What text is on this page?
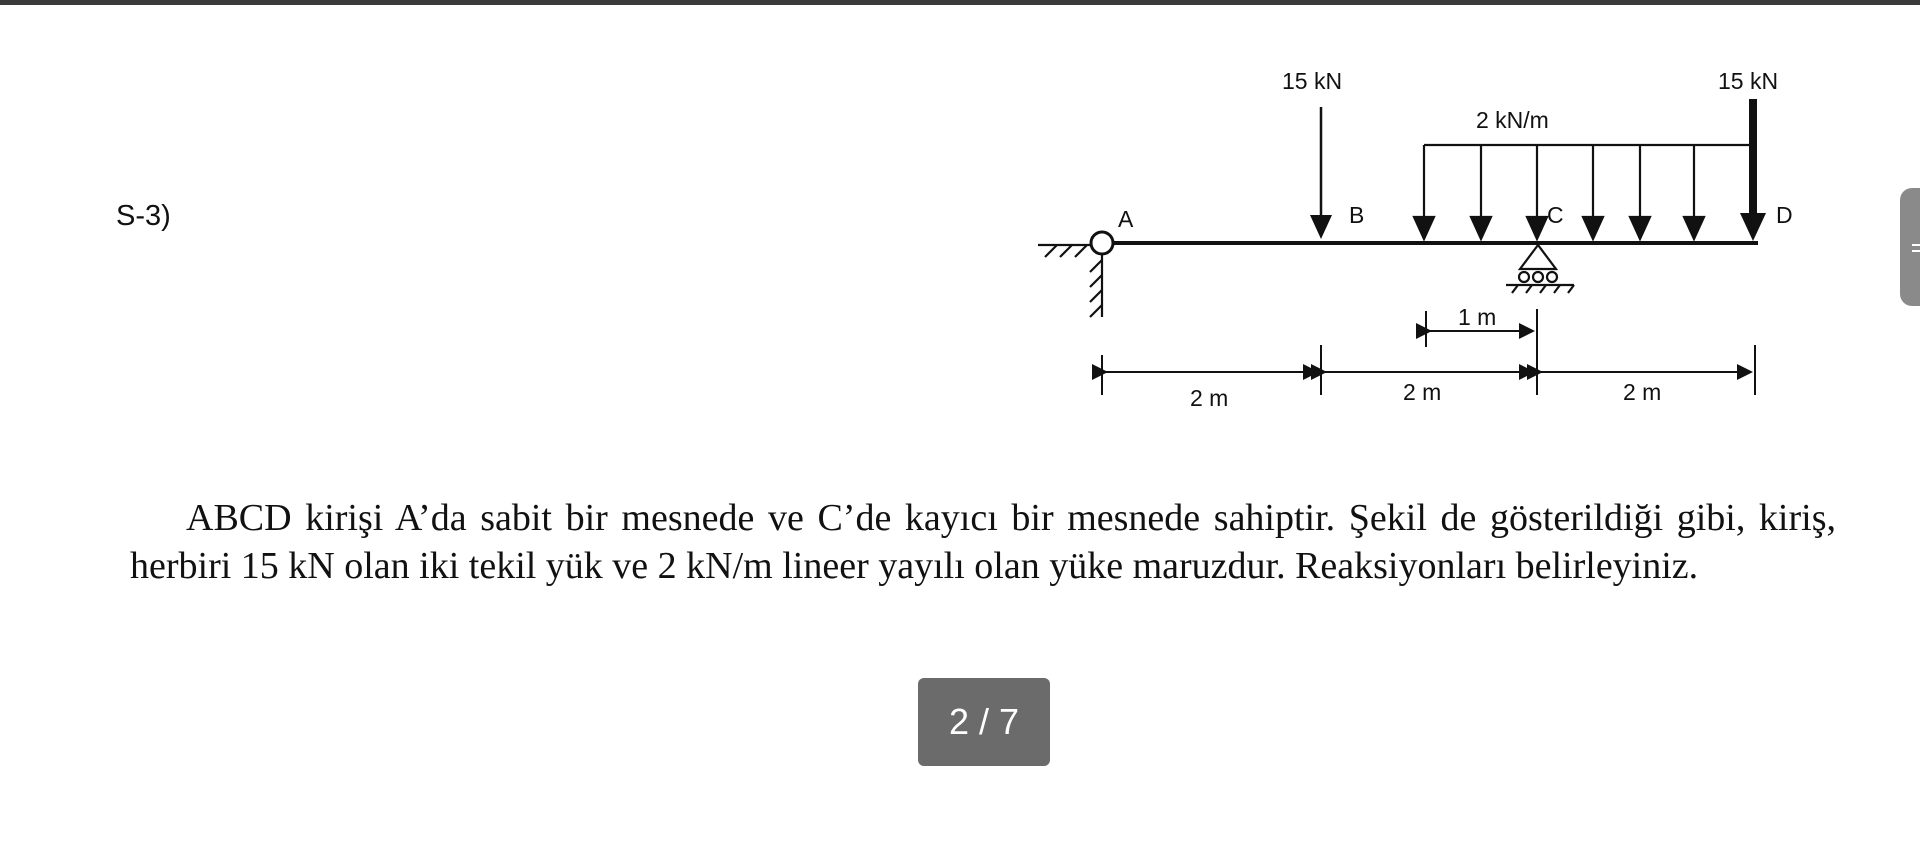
S-3)
15 kN	15 kN
2 kN/m
A	B	C	D
1 m
2 m	2 m	2 m

ABCD kirişi A’da sabit bir mesnede ve C’de kayıcı bir mesnede sahiptir. Şekil de gösterildiği gibi, kiriş, herbiri 15 kN olan iki tekil yük ve 2 kN/m lineer yayılı olan yüke maruzdur. Reaksiyonları belirleyiniz.

2 / 7
